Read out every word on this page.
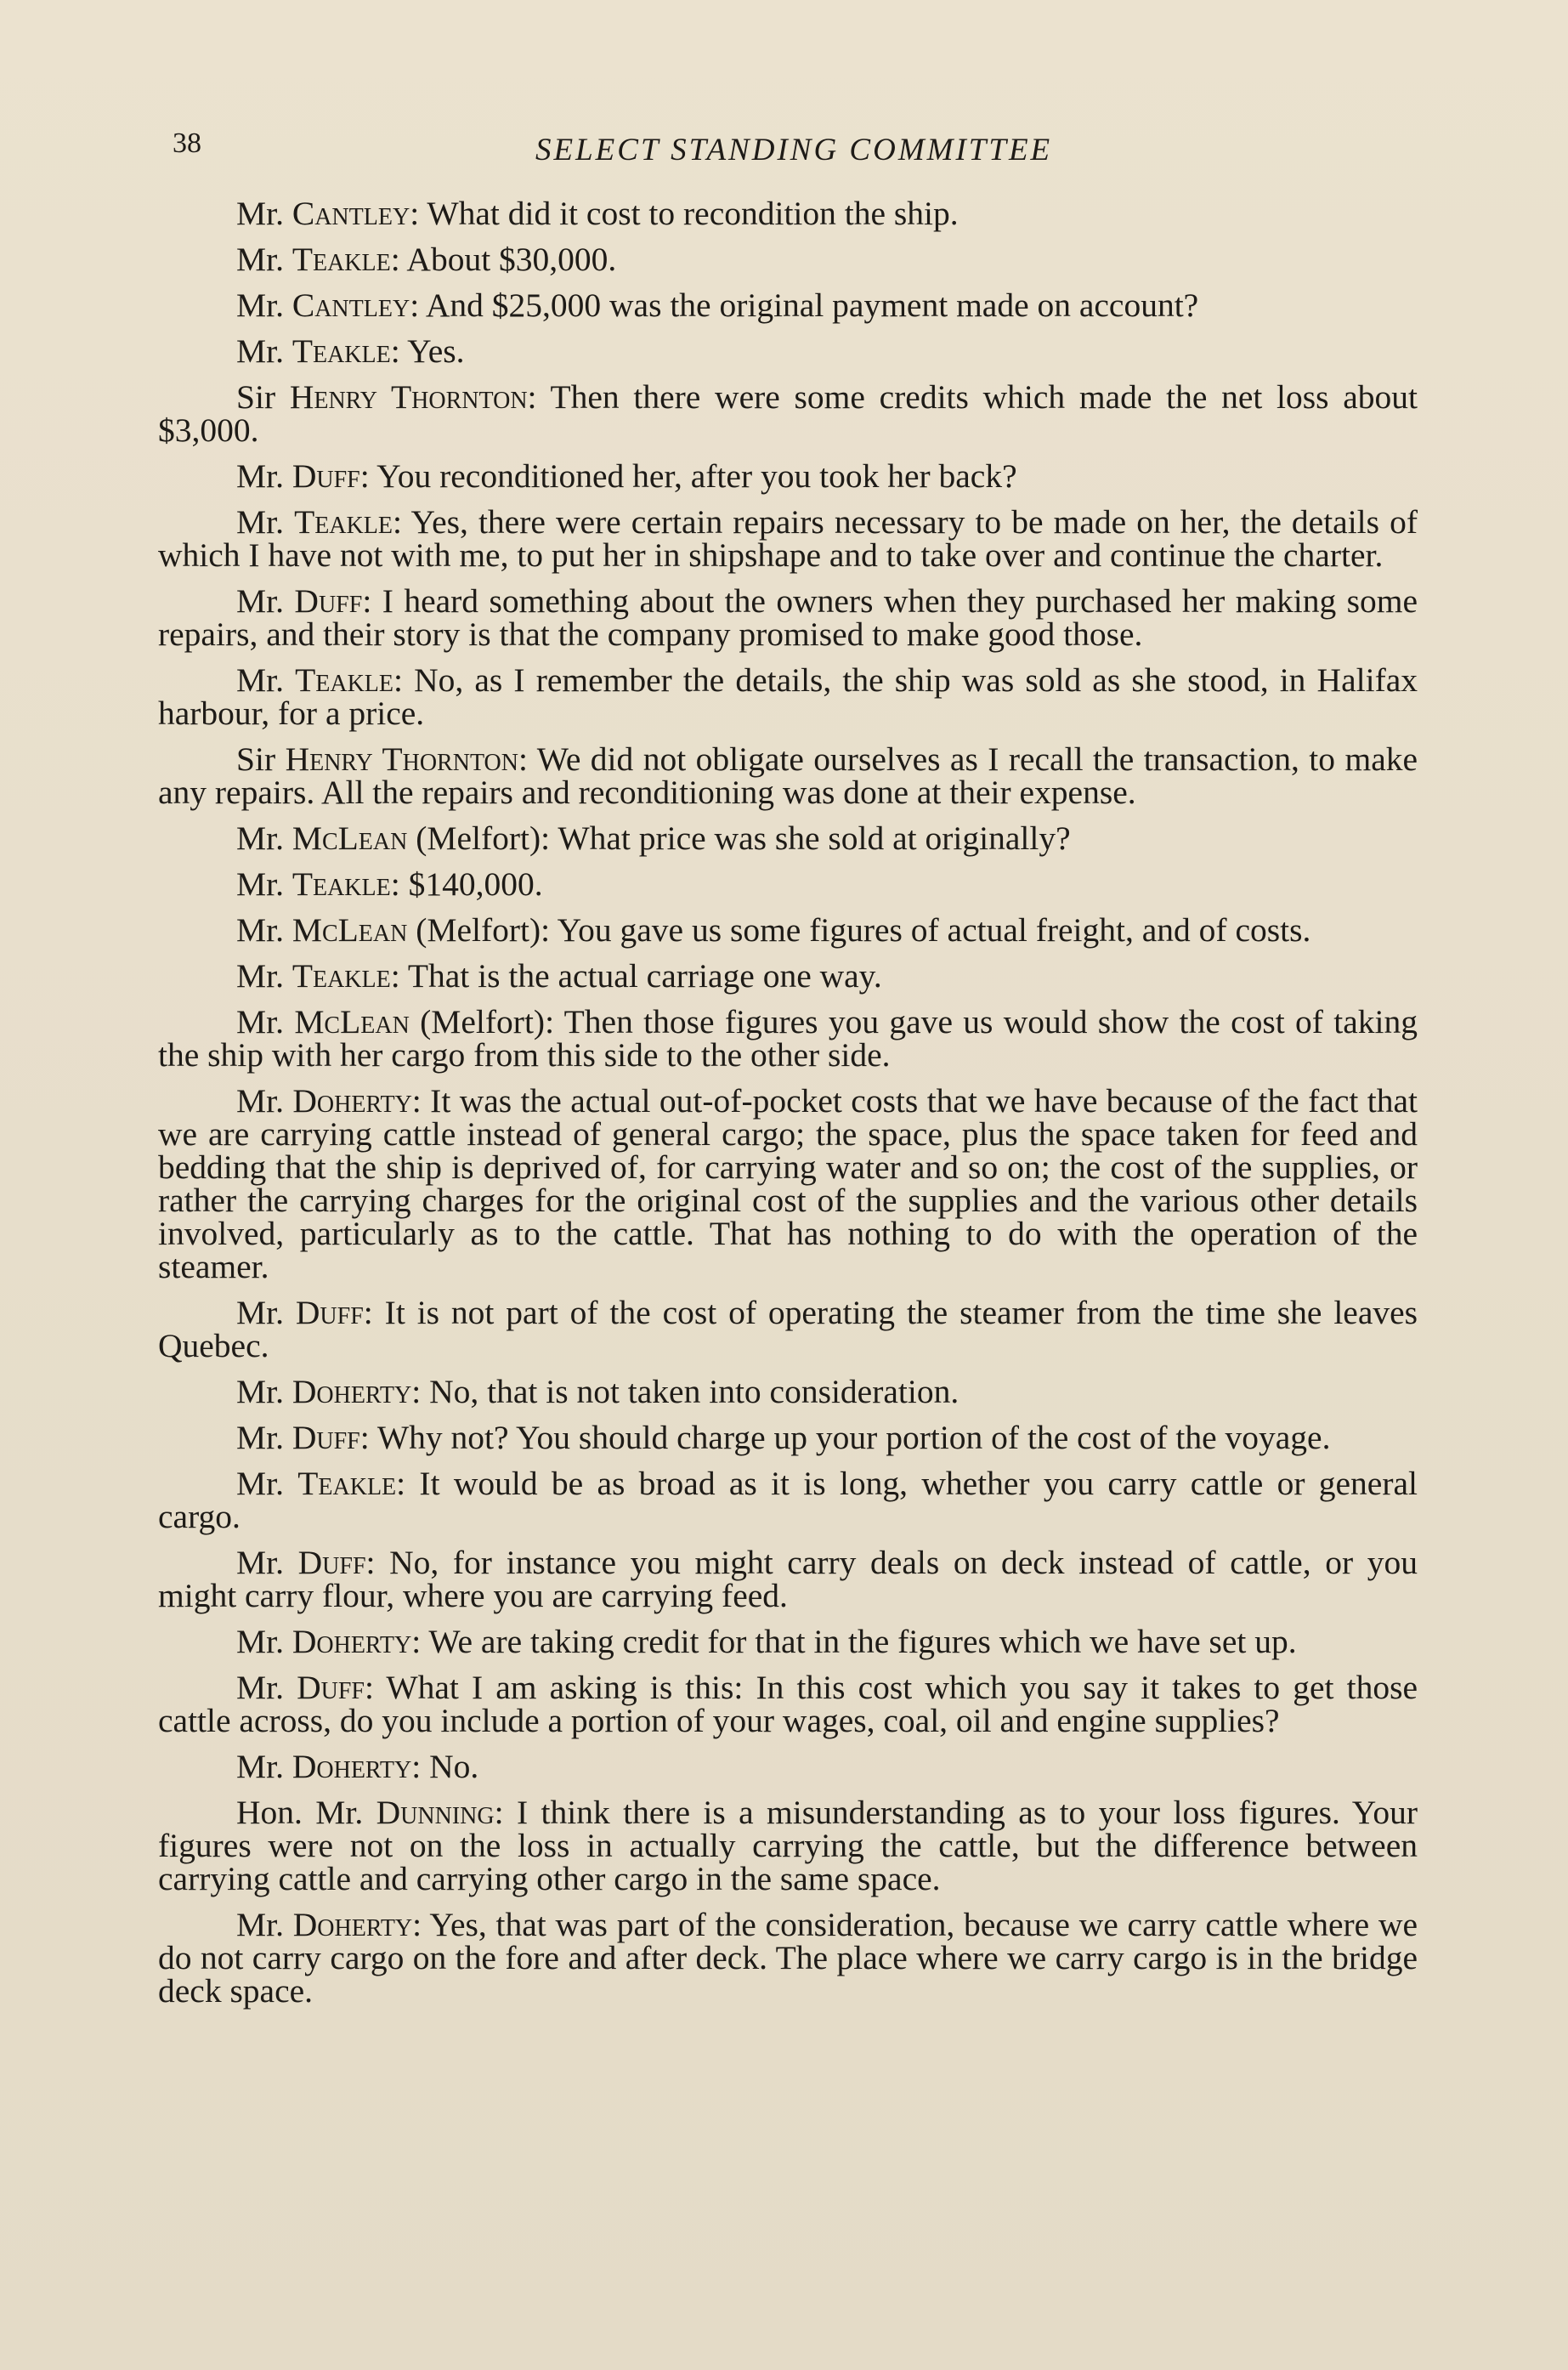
38	SELECT STANDING COMMITTEE

Mr. Cantley: What did it cost to recondition the ship.

Mr. Teakle: About $30,000.

Mr. Cantley: And $25,000 was the original payment made on account?

Mr. Teakle: Yes.

Sir Henry Thornton: Then there were some credits which made the net loss about $3,000.

Mr. Duff: You reconditioned her, after you took her back?

Mr. Teakle: Yes, there were certain repairs necessary to be made on her, the details of which I have not with me, to put her in shipshape and to take over and continue the charter.

Mr. Duff: I heard something about the owners when they purchased her making some repairs, and their story is that the company promised to make good those.

Mr. Teakle: No, as I remember the details, the ship was sold as she stood, in Halifax harbour, for a price.

Sir Henry Thornton: We did not obligate ourselves as I recall the transaction, to make any repairs. All the repairs and reconditioning was done at their expense.

Mr. McLean (Melfort): What price was she sold at originally?

Mr. Teakle: $140,000.

Mr. McLean (Melfort): You gave us some figures of actual freight, and of costs.

Mr. Teakle: That is the actual carriage one way.

Mr. McLean (Melfort): Then those figures you gave us would show the cost of taking the ship with her cargo from this side to the other side.

Mr. Doherty: It was the actual out-of-pocket costs that we have because of the fact that we are carrying cattle instead of general cargo; the space, plus the space taken for feed and bedding that the ship is deprived of, for carrying water and so on; the cost of the supplies, or rather the carrying charges for the original cost of the supplies and the various other details involved, particularly as to the cattle. That has nothing to do with the operation of the steamer.

Mr. Duff: It is not part of the cost of operating the steamer from the time she leaves Quebec.

Mr. Doherty: No, that is not taken into consideration.

Mr. Duff: Why not? You should charge up your portion of the cost of the voyage.

Mr. Teakle: It would be as broad as it is long, whether you carry cattle or general cargo.

Mr. Duff: No, for instance you might carry deals on deck instead of cattle, or you might carry flour, where you are carrying feed.

Mr. Doherty: We are taking credit for that in the figures which we have set up.

Mr. Duff: What I am asking is this: In this cost which you say it takes to get those cattle across, do you include a portion of your wages, coal, oil and engine supplies?

Mr. Doherty: No.

Hon. Mr. Dunning: I think there is a misunderstanding as to your loss figures. Your figures were not on the loss in actually carrying the cattle, but the difference between carrying cattle and carrying other cargo in the same space.

Mr. Doherty: Yes, that was part of the consideration, because we carry cattle where we do not carry cargo on the fore and after deck. The place where we carry cargo is in the bridge deck space.
